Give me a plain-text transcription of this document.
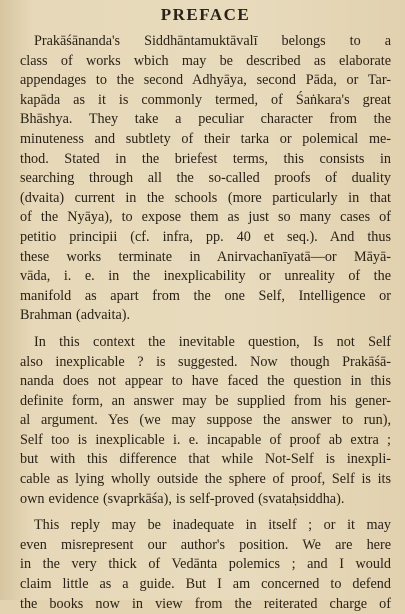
PREFACE
Prakāśānanda's Siddhāntamuktāvalī belongs to a
class of works wbich may be described as elaborate
appendages to the second Adhyāya, second Pāda, or Tar-
kapāda as it is commonly termed, of Śaṅkara's great
Bhāshya. They take a peculiar character from the
minuteness and subtlety of their tarka or polemical me-
thod. Stated in the briefest terms, this consists in
searching through all the so-called proofs of duality
(dvaita) current in the schools (more particularly in that
of the Nyāya), to expose them as just so many cases of
petitio principii (cf. infra, pp. 40 et seq.). And thus
these works terminate in Anirvachanīyatā—or Māyā-
vāda, i. e. in the inexplicability or unreality of the
manifold as apart from the one Self, Intelligence or
Brahman (advaita).
In this context the inevitable question, Is not Self
also inexplicable ? is suggested. Now though Prakāśā-
nanda does not appear to have faced the question in this
definite form, an answer may be supplied from his gener-
al argument. Yes (we may suppose the answer to run),
Self too is inexplicable i. e. incapable of proof ab extra ;
but with this difference that while Not-Self is inexpli-
cable as lying wholly outside the sphere of proof, Self is its
own evidence (svaprkāśa), is self-proved (svataḥsiddha).
This reply may be inadequate in itself ; or it may
even misrepresent our author's position. We are here
in the very thick of Vedānta polemics ; and I would
claim little as a guide. But I am concerned to defend
the books now in view from the reiterated charge of
